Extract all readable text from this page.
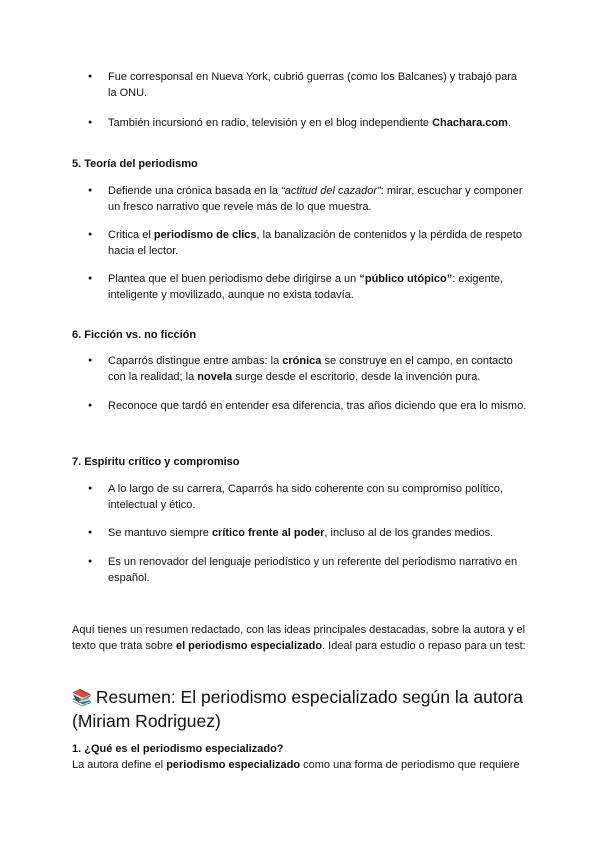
● Fue corresponsal en Nueva York, cubrió guerras (como los Balcanes) y trabajó para la ONU.
● También incursionó en radio, televisión y en el blog independiente Chachara.com.
5. Teoría del periodismo
● Defiende una crónica basada en la “actitud del cazador”: mirar, escuchar y componer un fresco narrativo que revele más de lo que muestra.
● Critica el periodismo de clics, la banalización de contenidos y la pérdida de respeto hacia el lector.
● Plantea que el buen periodismo debe dirigirse a un “público utópico”: exigente, inteligente y movilizado, aunque no exista todavía.
6. Ficción vs. no ficción
● Caparrós distingue entre ambas: la crónica se construye en el campo, en contacto con la realidad; la novela surge desde el escritorio, desde la invención pura.
● Reconoce que tardó en entender esa diferencia, tras años diciendo que era lo mismo.
7. Espíritu crítico y compromiso
● A lo largo de su carrera, Caparrós ha sido coherente con su compromiso político, intelectual y ético.
● Se mantuvo siempre crítico frente al poder, incluso al de los grandes medios.
● Es un renovador del lenguaje periodístico y un referente del periodismo narrativo en español.
Aquí tienes un resumen redactado, con las ideas principales destacadas, sobre la autora y el texto que trata sobre el periodismo especializado. Ideal para estudio o repaso para un test:
📚 Resumen: El periodismo especializado según la autora (Miriam Rodriguez)
1. ¿Qué es el periodismo especializado?
La autora define el periodismo especializado como una forma de periodismo que requiere
